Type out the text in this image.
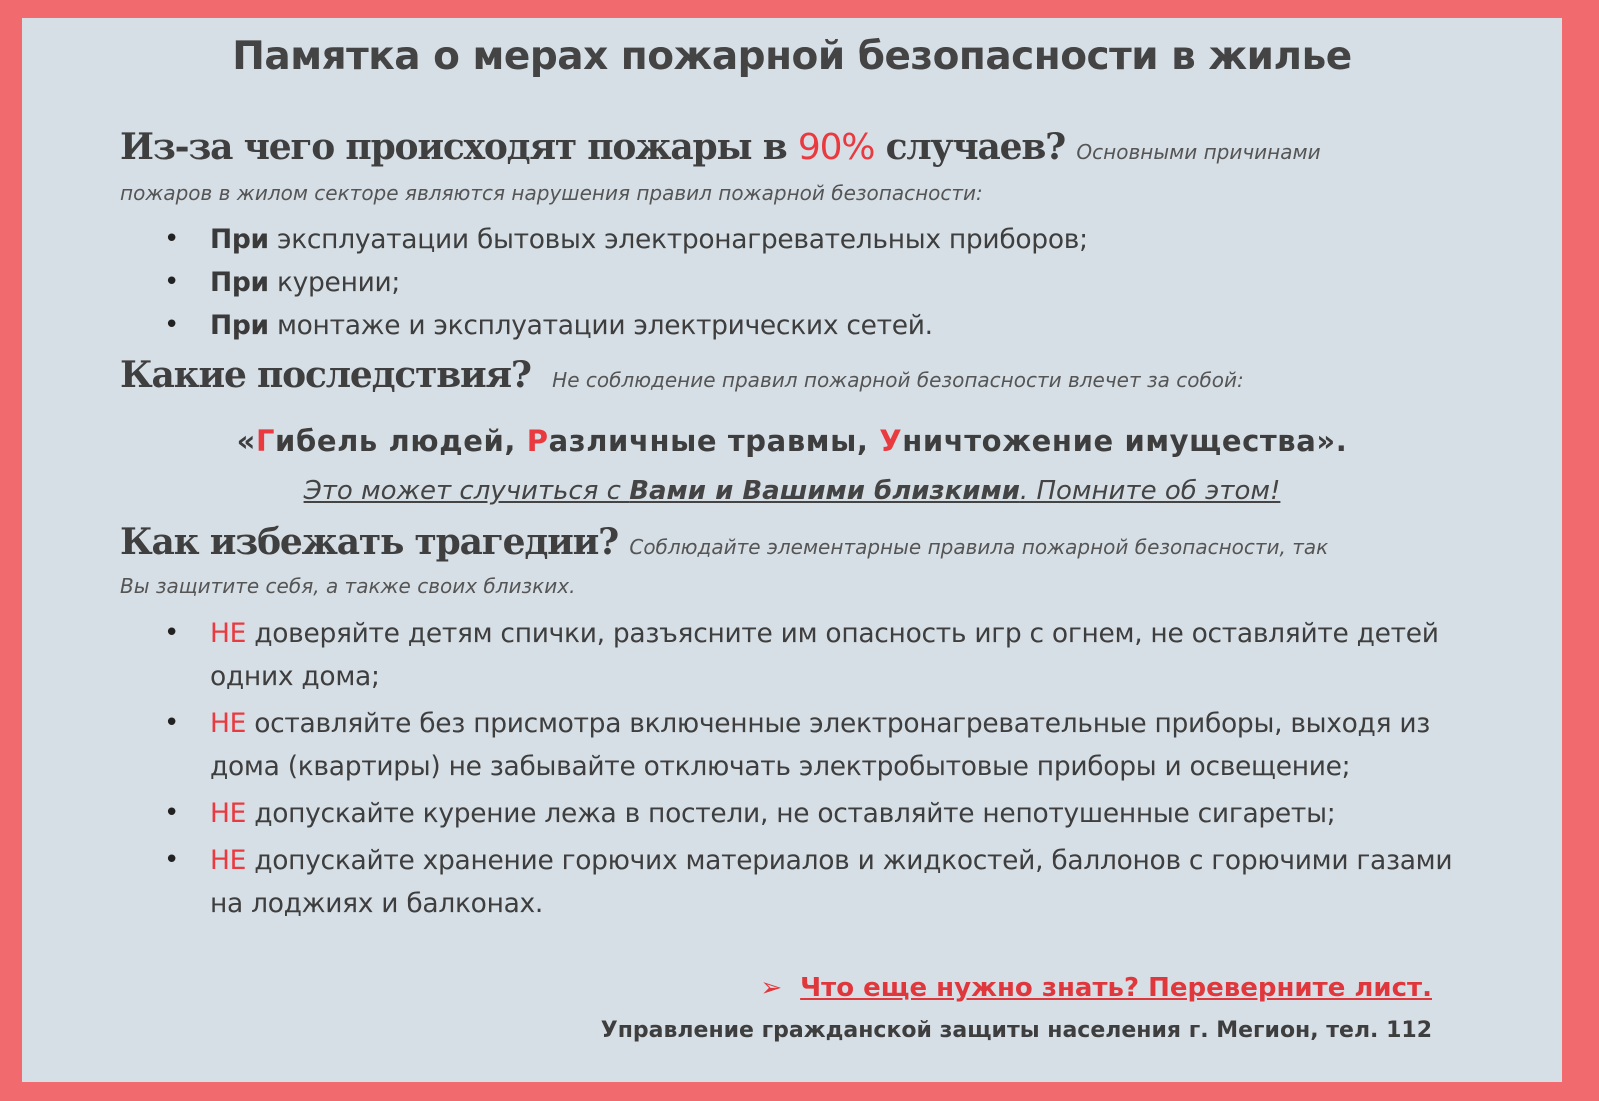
Памятка о мерах пожарной безопасности в жилье
Из-за чего происходят пожары в 90% случаев? Основными причинами
пожаров в жилом секторе являются нарушения правил пожарной безопасности:
• При эксплуатации бытовых электронагревательных приборов;
• При курении;
• При монтаже и эксплуатации электрических сетей.
Какие последствия? Не соблюдение правил пожарной безопасности влечет за собой:
«Гибель людей, Различные травмы, Уничтожение имущества».
Это может случиться с Вами и Вашими близкими. Помните об этом!
Как избежать трагедии? Соблюдайте элементарные правила пожарной безопасности, так
Вы защитите себя, а также своих близких.
• НЕ доверяйте детям спички, разъясните им опасность игр с огнем, не оставляйте детей одних дома;
• НЕ оставляйте без присмотра включенные электронагревательные приборы, выходя из дома (квартиры) не забывайте отключать электробытовые приборы и освещение;
• НЕ допускайте курение лежа в постели, не оставляйте непотушенные сигареты;
• НЕ допускайте хранение горючих материалов и жидкостей, баллонов с горючими газами на лоджиях и балконах.
➢ Что еще нужно знать? Переверните лист.
Управление гражданской защиты населения г. Мегион, тел. 112
